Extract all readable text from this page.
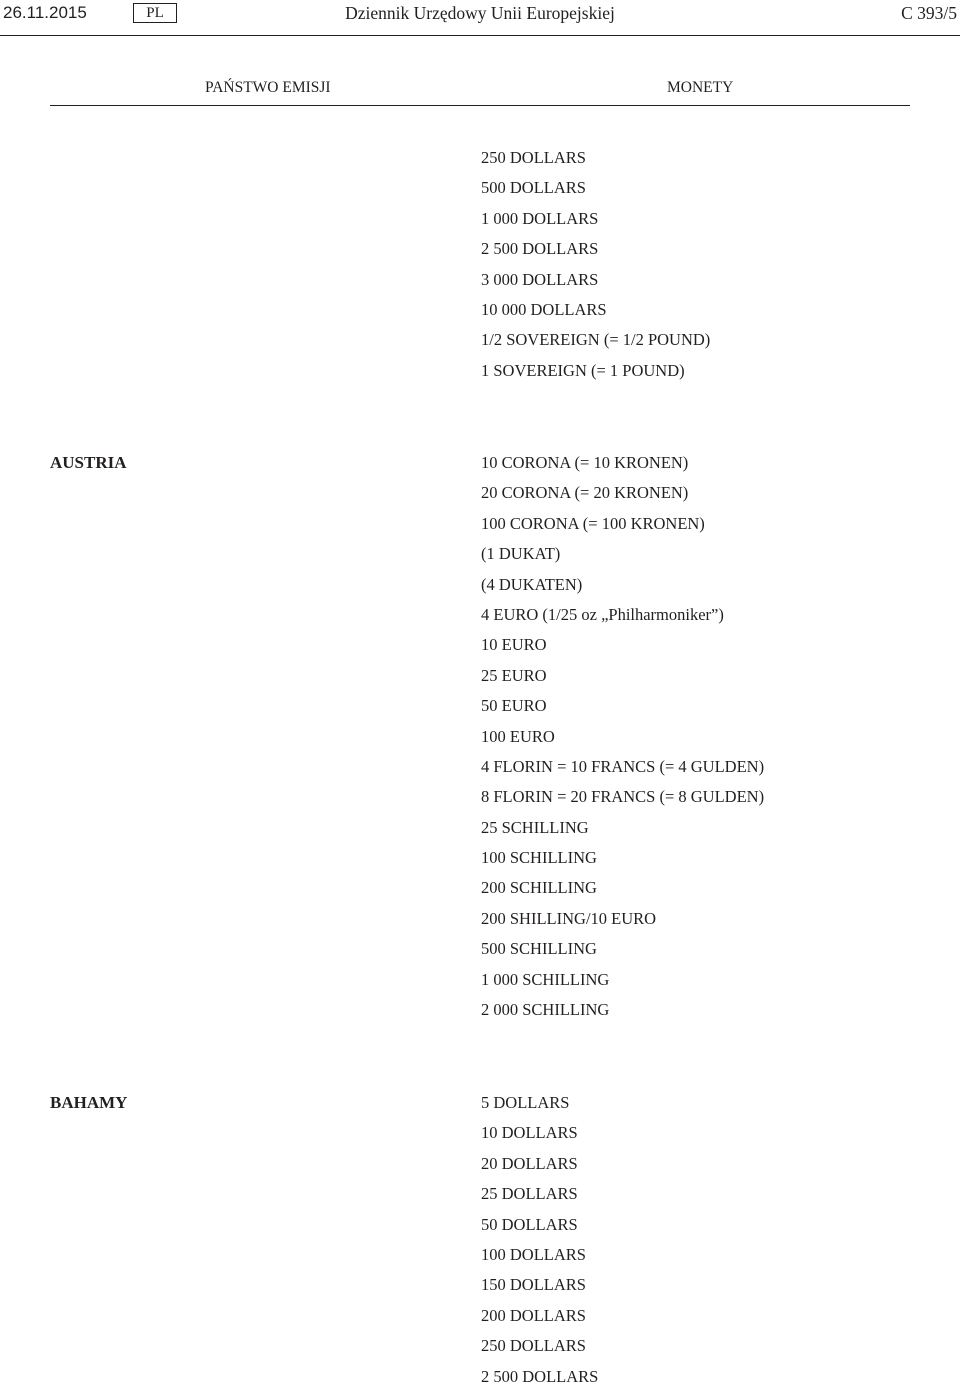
26.11.2015	PL	Dziennik Urzędowy Unii Europejskiej	C 393/5
PAŃSTWO EMISJI	MONETY
250 DOLLARS
500 DOLLARS
1 000 DOLLARS
2 500 DOLLARS
3 000 DOLLARS
10 000 DOLLARS
1/2 SOVEREIGN (= 1/2 POUND)
1 SOVEREIGN (= 1 POUND)
AUSTRIA	10 CORONA (= 10 KRONEN)
20 CORONA (= 20 KRONEN)
100 CORONA (= 100 KRONEN)
(1 DUKAT)
(4 DUKATEN)
4 EURO (1/25 oz „Philharmoniker”)
10 EURO
25 EURO
50 EURO
100 EURO
4 FLORIN = 10 FRANCS (= 4 GULDEN)
8 FLORIN = 20 FRANCS (= 8 GULDEN)
25 SCHILLING
100 SCHILLING
200 SCHILLING
200 SHILLING/10 EURO
500 SCHILLING
1 000 SCHILLING
2 000 SCHILLING
BAHAMY	5 DOLLARS
10 DOLLARS
20 DOLLARS
25 DOLLARS
50 DOLLARS
100 DOLLARS
150 DOLLARS
200 DOLLARS
250 DOLLARS
2 500 DOLLARS
